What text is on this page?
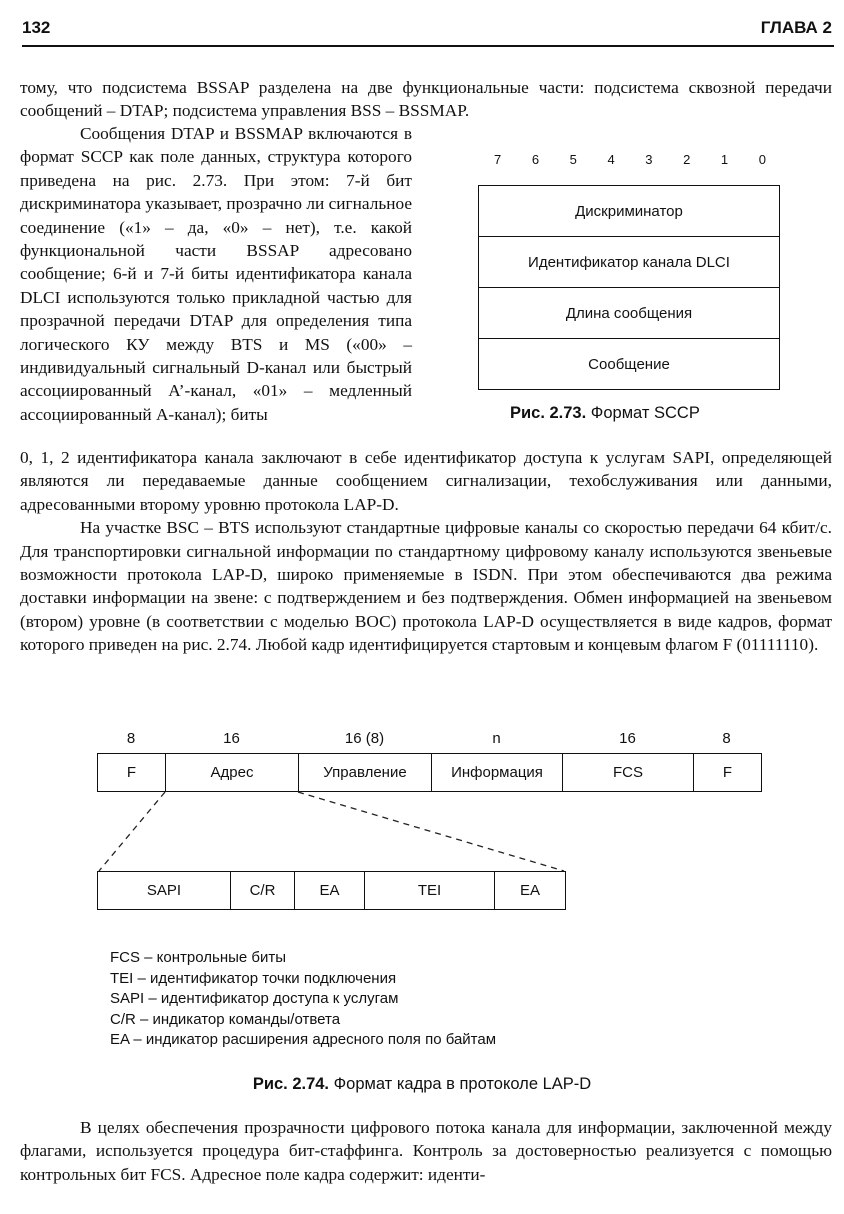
132	ГЛАВА 2

тому, что подсистема BSSAP разделена на две функциональные части: подсистема сквозной передачи сообщений – DTAP; подсистема управления BSS – BSSMAP.

Сообщения DTAP и BSSMAP включаются в формат SCCP как поле данных, структура которого приведена на рис. 2.73. При этом: 7-й бит дискриминатора указывает, прозрачно ли сигнальное соединение («1» – да, «0» – нет), т.е. какой функциональной части BSSAP адресовано сообщение; 6-й и 7-й биты идентификатора канала DLCI используются только прикладной частью для прозрачной передачи DTAP для определения типа логического КУ между BTS и MS («00» – индивидуальный сигнальный D-канал или быстрый ассоциированный A’-канал, «01» – медленный ассоциированный A-канал); биты

0, 1, 2 идентификатора канала заключают в себе идентификатор доступа к услугам SAPI, определяющей являются ли передаваемые данные сообщением сигнализации, техобслуживания или данными, адресованными второму уровню протокола LAP-D.

На участке BSC – BTS используют стандартные цифровые каналы со скоростью передачи 64 кбит/с. Для транспортировки сигнальной информации по стандартному цифровому каналу используются звеньевые возможности протокола LAP-D, широко применяемые в ISDN. При этом обеспечиваются два режима доставки информации на звене: с подтверждением и без подтверждения. Обмен информацией на звеньевом (втором) уровне (в соответствии с моделью ВОС) протокола LAP-D осуществляется в виде кадров, формат которого приведен на рис. 2.74. Любой кадр идентифицируется стартовым и концевым флагом F (01111110).

7 6 5 4 3 2 1 0
Дискриминатор
Идентификатор канала DLCI
Длина сообщения
Сообщение
Рис. 2.73. Формат SCCP
8	16	16 (8)	n	16	8
F	Адрес	Управление	Информация	FCS	F
SAPI	C/R	EA	TEI	EA
FCS – контрольные биты
TEI – идентификатор точки подключения
SAPI – идентификатор доступа к услугам
C/R – индикатор команды/ответа
EA – индикатор расширения адресного поля по байтам
Рис. 2.74. Формат кадра в протоколе LAP-D

В целях обеспечения прозрачности цифрового потока канала для информации, заключенной между флагами, используется процедура бит-стаффинга. Контроль за достоверностью реализуется с помощью контрольных бит FCS. Адресное поле кадра содержит: иденти-
